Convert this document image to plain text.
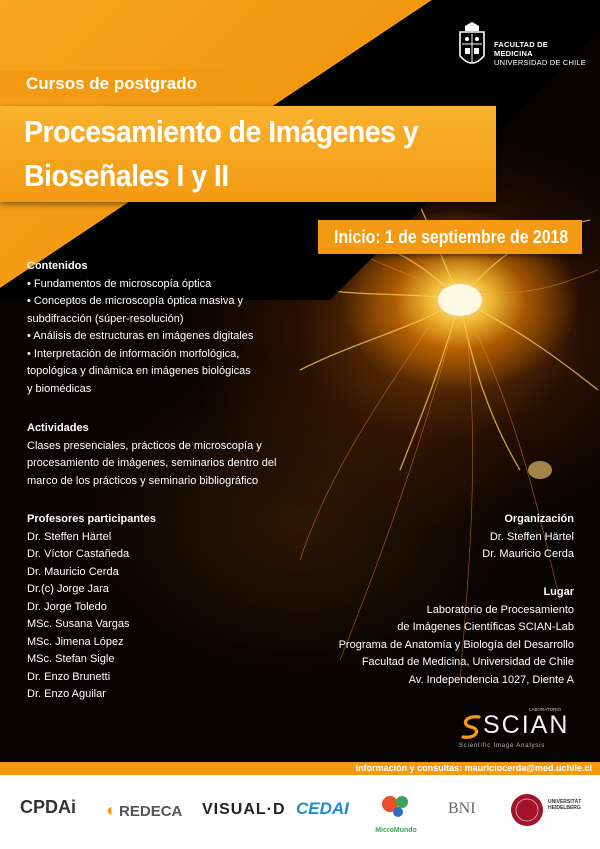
FACULTAD DE MEDICINA
UNIVERSIDAD DE CHILE
Cursos de postgrado
Procesamiento de Imágenes y
Bioseñales I y II
Inicio: 1 de septiembre de 2018
Contenidos
• Fundamentos de microscopía óptica
• Conceptos de microscopía óptica masiva y
subdifracción (súper-resolución)
• Análisis de estructuras en imágenes digitales
• Interpretación de información morfológica,
topológica y dinámica en imágenes biológicas
y biomédicas
Actividades
Clases presenciales, prácticos de microscopía y
procesamiento de imágenes, seminarios dentro del
marco de los prácticos y seminario bibliográfico
Profesores participantes
Dr. Steffen Härtel
Dr. Víctor Castañeda
Dr. Mauricio Cerda
Dr.(c) Jorge Jara
Dr. Jorge Toledo
MSc. Susana Vargas
MSc. Jimena López
MSc. Stefan Sigle
Dr. Enzo Brunetti
Dr. Enzo Aguilar
Organización
Dr. Steffen Härtel
Dr. Mauricio Cerda
Lugar
Laboratorio de Procesamiento
de Imágenes Científicas SCIAN-Lab
Programa de Anatomía y Biología del Desarrollo
Facultad de Medicina, Universidad de Chile
Av. Independencia 1027, Diente A
LABORATORIO
SCIAN
Scientific Image Analysis
Información y consultas: mauriciocerda@med.uchile.cl
CPDAi ◖ REDECA VISUAL·D CEDAI
MicroMundo
BNI	UNIVERSITÄT HEIDELBERG
